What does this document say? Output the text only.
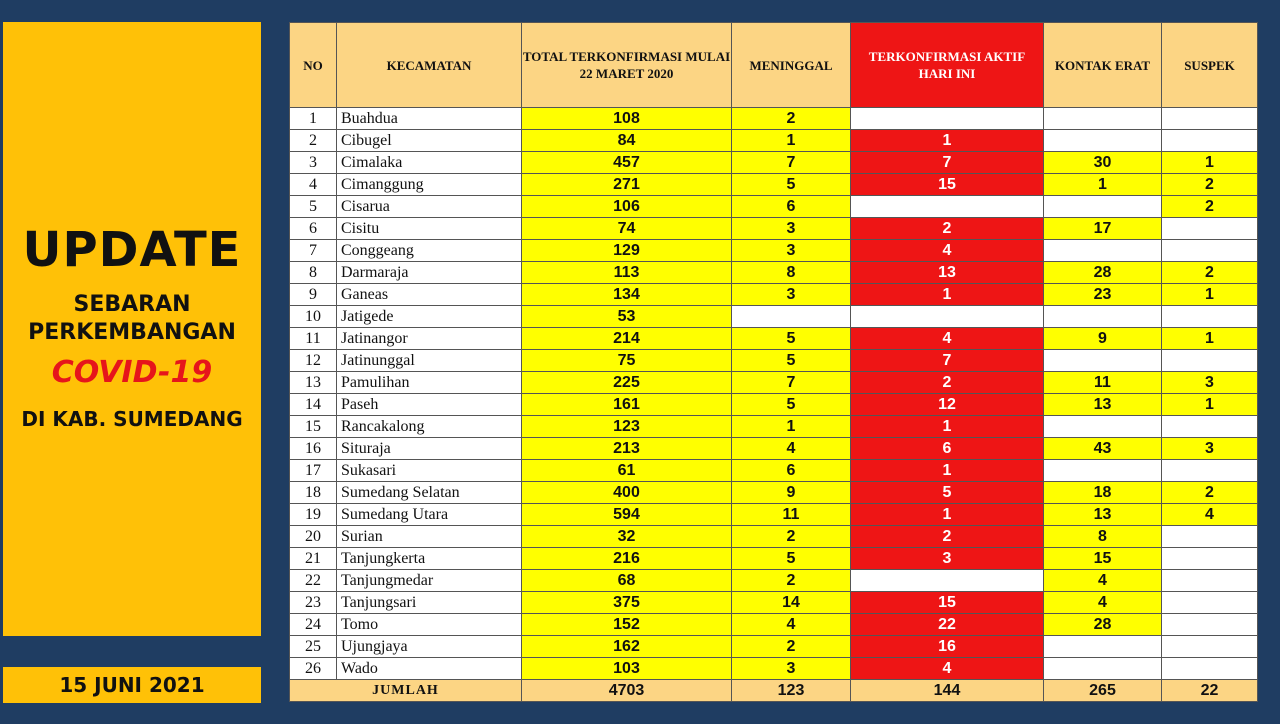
UPDATE
SEBARAN
PERKEMBANGAN
COVID-19
DI KAB. SUMEDANG
15 JUNI 2021
NO	KECAMATAN	TOTAL TERKONFIRMASI MULAI 22 MARET 2020	MENINGGAL	TERKONFIRMASI AKTIF HARI INI	KONTAK ERAT	SUSPEK
1	Buahdua	108	2			
2	Cibugel	84	1	1		
3	Cimalaka	457	7	7	30	1
4	Cimanggung	271	5	15	1	2
5	Cisarua	106	6			2
6	Cisitu	74	3	2	17	
7	Conggeang	129	3	4		
8	Darmaraja	113	8	13	28	2
9	Ganeas	134	3	1	23	1
10	Jatigede	53				
11	Jatinangor	214	5	4	9	1
12	Jatinunggal	75	5	7		
13	Pamulihan	225	7	2	11	3
14	Paseh	161	5	12	13	1
15	Rancakalong	123	1	1		
16	Situraja	213	4	6	43	3
17	Sukasari	61	6	1		
18	Sumedang Selatan	400	9	5	18	2
19	Sumedang Utara	594	11	1	13	4
20	Surian	32	2	2	8	
21	Tanjungkerta	216	5	3	15	
22	Tanjungmedar	68	2		4	
23	Tanjungsari	375	14	15	4	
24	Tomo	152	4	22	28	
25	Ujungjaya	162	2	16		
26	Wado	103	3	4		
JUMLAH		4703	123	144	265	22
